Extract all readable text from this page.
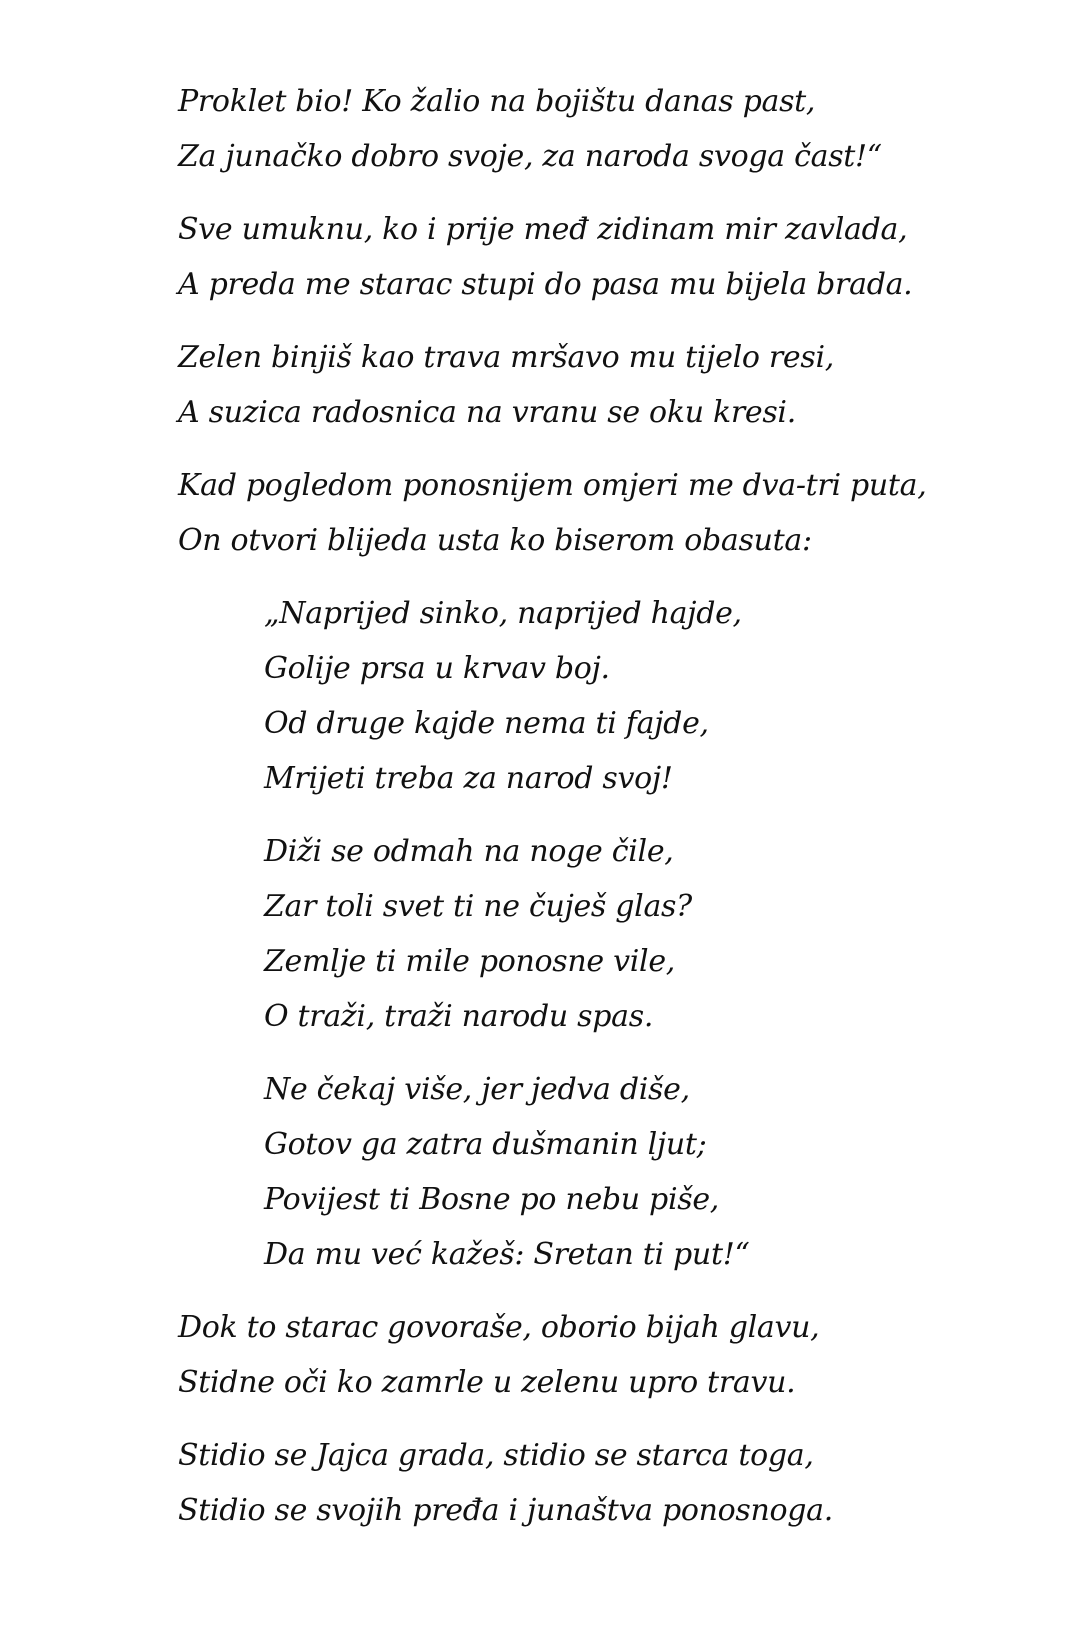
Proklet bio! Ko žalio na bojištu danas past,
Za junačko dobro svoje, za naroda svoga čast!“
Sve umuknu, ko i prije međ zidinam mir zavlada,
A preda me starac stupi do pasa mu bijela brada.
Zelen binjiš kao trava mršavo mu tijelo resi,
A suzica radosnica na vranu se oku kresi.
Kad pogledom ponosnijem omjeri me dva-tri puta,
On otvori blijeda usta ko biserom obasuta:
„Naprijed sinko, naprijed hajde,
Golije prsa u krvav boj.
Od druge kajde nema ti fajde,
Mrijeti treba za narod svoj!
Diži se odmah na noge čile,
Zar toli svet ti ne čuješ glas?
Zemlje ti mile ponosne vile,
O traži, traži narodu spas.
Ne čekaj više, jer jedva diše,
Gotov ga zatra dušmanin ljut;
Povijest ti Bosne po nebu piše,
Da mu već kažeš: Sretan ti put!“
Dok to starac govoraše, oborio bijah glavu,
Stidne oči ko zamrle u zelenu upro travu.
Stidio se Jajca grada, stidio se starca toga,
Stidio se svojih pređa i junaštva ponosnoga.
